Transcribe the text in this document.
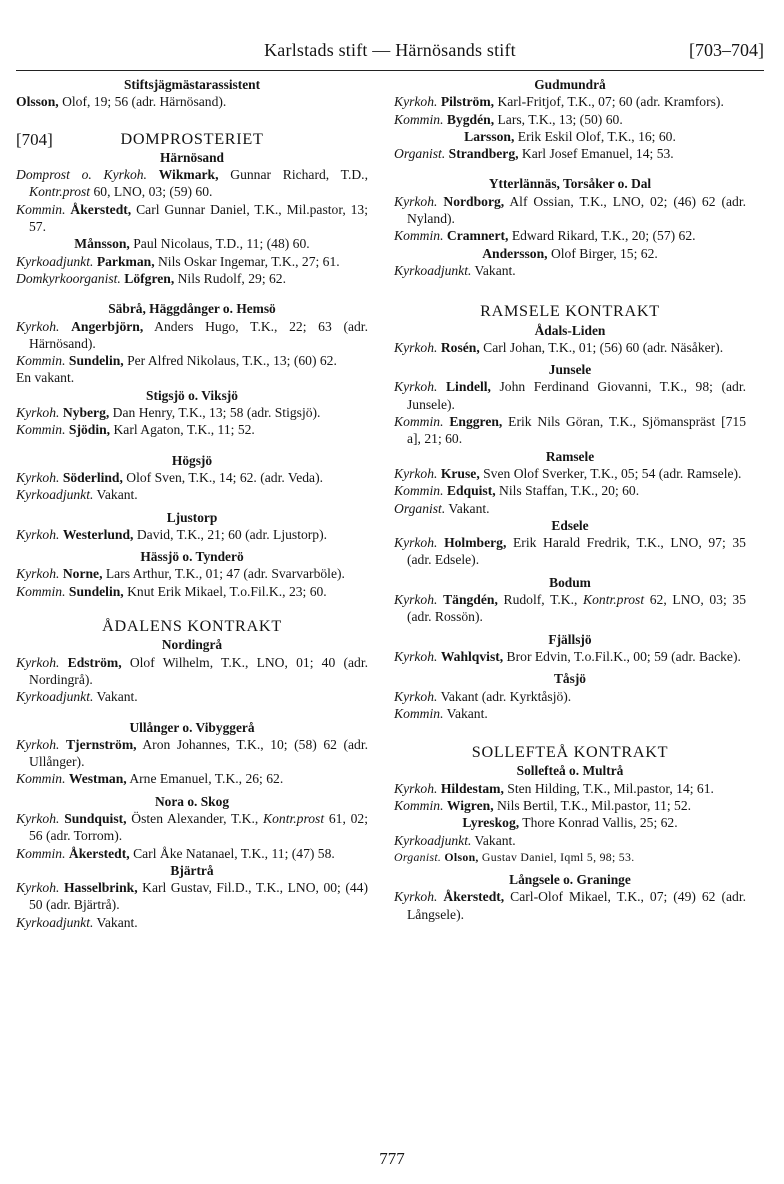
Karlstads stift — Härnösands stift	[703–704]
Stiftsjägmästarassistent
Olsson, Olof, 19; 56 (adr. Härnösand).
[704]	DOMPROSTERIET
Härnösand
Domprost o. Kyrkoh. Wikmark, Gunnar Richard, T.D., Kontr.prost 60, LNO, 03; (59) 60.
Kommin. Åkerstedt, Carl Gunnar Daniel, T.K., Mil.pastor, 13; 57.
Månsson, Paul Nicolaus, T.D., 11; (48) 60.
Kyrkoadjunkt. Parkman, Nils Oskar Ingemar, T.K., 27; 61.
Domkyrkoorganist. Löfgren, Nils Rudolf, 29; 62.
Säbrå, Häggdånger o. Hemsö
Kyrkoh. Angerbjörn, Anders Hugo, T.K., 22; 63 (adr. Härnösand).
Kommin. Sundelin, Per Alfred Nikolaus, T.K., 13; (60) 62.
En vakant.
Stigsjö o. Viksjö
Kyrkoh. Nyberg, Dan Henry, T.K., 13; 58 (adr. Stigsjö).
Kommin. Sjödin, Karl Agaton, T.K., 11; 52.
Högsjö
Kyrkoh. Söderlind, Olof Sven, T.K., 14; 62. (adr. Veda).
Kyrkoadjunkt. Vakant.
Ljustorp
Kyrkoh. Westerlund, David, T.K., 21; 60 (adr. Ljustorp).
Hässjö o. Tynderö
Kyrkoh. Norne, Lars Arthur, T.K., 01; 47 (adr. Svarvarböle).
Kommin. Sundelin, Knut Erik Mikael, T.o.Fil.K., 23; 60.
ÅDALENS KONTRAKT
Nordingrå
Kyrkoh. Edström, Olof Wilhelm, T.K., LNO, 01; 40 (adr. Nordingrå).
Kyrkoadjunkt. Vakant.
Ullånger o. Vibyggerå
Kyrkoh. Tjernström, Aron Johannes, T.K., 10; (58) 62 (adr. Ullånger).
Kommin. Westman, Arne Emanuel, T.K., 26; 62.
Nora o. Skog
Kyrkoh. Sundquist, Östen Alexander, T.K., Kontr.prost 61, 02; 56 (adr. Torrom).
Kommin. Åkerstedt, Carl Åke Natanael, T.K., 11; (47) 58.
Bjärtrå
Kyrkoh. Hasselbrink, Karl Gustav, Fil.D., T.K., LNO, 00; (44) 50 (adr. Bjärtrå).
Kyrkoadjunkt. Vakant.
Gudmundrå
Kyrkoh. Pilström, Karl-Fritjof, T.K., 07; 60 (adr. Kramfors).
Kommin. Bygdén, Lars, T.K., 13; (50) 60.
Larsson, Erik Eskil Olof, T.K., 16; 60.
Organist. Strandberg, Karl Josef Emanuel, 14; 53.
Ytterlännäs, Torsåker o. Dal
Kyrkoh. Nordborg, Alf Ossian, T.K., LNO, 02; (46) 62 (adr. Nyland).
Kommin. Cramnert, Edward Rikard, T.K., 20; (57) 62.
Andersson, Olof Birger, 15; 62.
Kyrkoadjunkt. Vakant.
RAMSELE KONTRAKT
Ådals-Liden
Kyrkoh. Rosén, Carl Johan, T.K., 01; (56) 60 (adr. Näsåker).
Junsele
Kyrkoh. Lindell, John Ferdinand Giovanni, T.K., 98; (adr. Junsele).
Kommin. Enggren, Erik Nils Göran, T.K., Sjömanspräst [715 a], 21; 60.
Ramsele
Kyrkoh. Kruse, Sven Olof Sverker, T.K., 05; 54 (adr. Ramsele).
Kommin. Edquist, Nils Staffan, T.K., 20; 60.
Organist. Vakant.
Edsele
Kyrkoh. Holmberg, Erik Harald Fredrik, T.K., LNO, 97; 35 (adr. Edsele).
Bodum
Kyrkoh. Tängdén, Rudolf, T.K., Kontr.prost 62, LNO, 03; 35 (adr. Rossön).
Fjällsjö
Kyrkoh. Wahlqvist, Bror Edvin, T.o.Fil.K., 00; 59 (adr. Backe).
Tåsjö
Kyrkoh. Vakant (adr. Kyrktåsjö).
Kommin. Vakant.
SOLLEFTEÅ KONTRAKT
Sollefteå o. Multrå
Kyrkoh. Hildestam, Sten Hilding, T.K., Mil.pastor, 14; 61.
Kommin. Wigren, Nils Bertil, T.K., Mil.pastor, 11; 52.
Lyreskog, Thore Konrad Vallis, 25; 62.
Kyrkoadjunkt. Vakant.
Organist. Olson, Gustav Daniel, Iqml 5, 98; 53.
Långsele o. Graninge
Kyrkoh. Åkerstedt, Carl-Olof Mikael, T.K., 07; (49) 62 (adr. Långsele).
777
